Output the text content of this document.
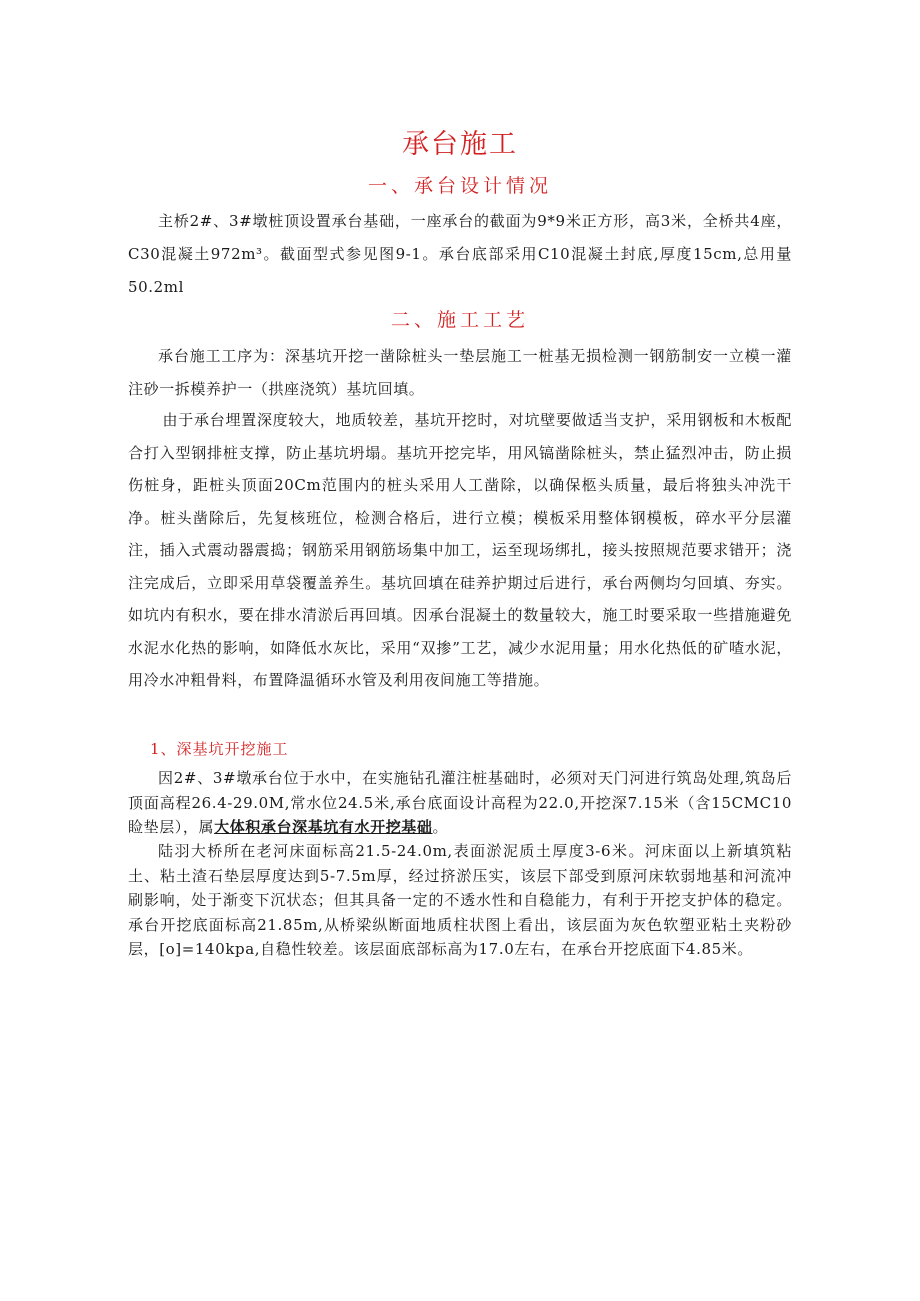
承台施工
一、承台设计情况

主桥2#、3#墩桩顶设置承台基础，一座承台的截面为9*9米正方形，高3米，全桥共4座，C30混凝土972m³。截面型式参见图9-1。承台底部采用C10混凝土封底,厚度15cm,总用量50.2ml

二、施工工艺

承台施工工序为：深基坑开挖一凿除桩头一垫层施工一桩基无损检测一钢筋制安一立模一灌注砂一拆模养护一（拱座浇筑）基坑回填。

由于承台埋置深度较大，地质较差，基坑开挖时，对坑壁要做适当支护，采用钢板和木板配合打入型钢排桩支撑，防止基坑坍塌。基坑开挖完毕，用风镐凿除桩头，禁止猛烈冲击，防止损伤桩身，距桩头顶面20Cm范围内的桩头采用人工凿除，以确保柩头质量，最后将独头冲洗干净。桩头凿除后，先复核班位，检测合格后，进行立模；模板采用整体钢模板，碎水平分层灌注，插入式震动器震捣；钢筋采用钢筋场集中加工，运至现场绑扎，接头按照规范要求错开；浇注完成后，立即采用草袋覆盖养生。基坑回填在硅养护期过后进行，承台两侧均匀回填、夯实。如坑内有积水，要在排水清淤后再回填。因承台混凝土的数量较大，施工时要采取一些措施避免水泥水化热的影响，如降低水灰比，采用“双掺”工艺，减少水泥用量；用水化热低的矿喳水泥，用冷水冲粗骨料，布置降温循环水管及利用夜间施工等措施。

1、深基坑开挖施工

因2#、3#墩承台位于水中，在实施钻孔灌注桩基础时，必须对天门河进行筑岛处理,筑岛后顶面高程26.4-29.0M,常水位24.5米,承台底面设计高程为22.0,开挖深7.15米（含15CMC10睑垫层），属大体积承台深基坑有水开挖基础。

陆羽大桥所在老河床面标高21.5-24.0m,表面淤泥质土厚度3-6米。河床面以上新填筑粘土、粘土渣石垫层厚度达到5-7.5m厚，经过挤淤压实，该层下部受到原河床软弱地基和河流冲刷影响，处于渐变下沉状态；但其具备一定的不透水性和自稳能力，有利于开挖支护体的稳定。承台开挖底面标高21.85m,从桥梁纵断面地质柱状图上看出，该层面为灰色软塑亚粘土夹粉砂层，[o]=140kpa,自稳性较差。该层面底部标高为17.0左右，在承台开挖底面下4.85米。
